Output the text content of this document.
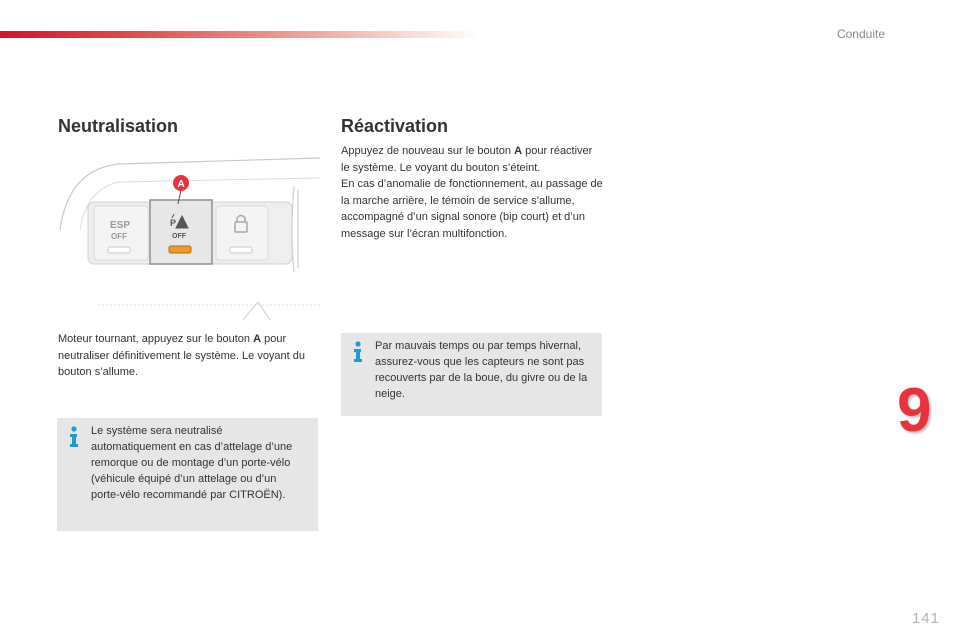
Conduite
9
141
Neutralisation	Réactivation
ESP
OFF
P
OFF
A
Moteur tournant, appuyez sur le bouton A pour neutraliser définitivement le système. Le voyant du bouton s’allume.
Le système sera neutralisé automatiquement en cas d’attelage d’une remorque ou de montage d’un porte-vélo (véhicule équipé d’un attelage ou d’un porte-vélo recommandé par CITROËN).
Appuyez de nouveau sur le bouton A pour réactiver le système. Le voyant du bouton s’éteint.
En cas d’anomalie de fonctionnement, au passage de la marche arrière, le témoin de service s’allume, accompagné d’un signal sonore (bip court) et d’un message sur l’écran multifonction.
Par mauvais temps ou par temps hivernal, assurez-vous que les capteurs ne sont pas recouverts par de la boue, du givre ou de la neige.
